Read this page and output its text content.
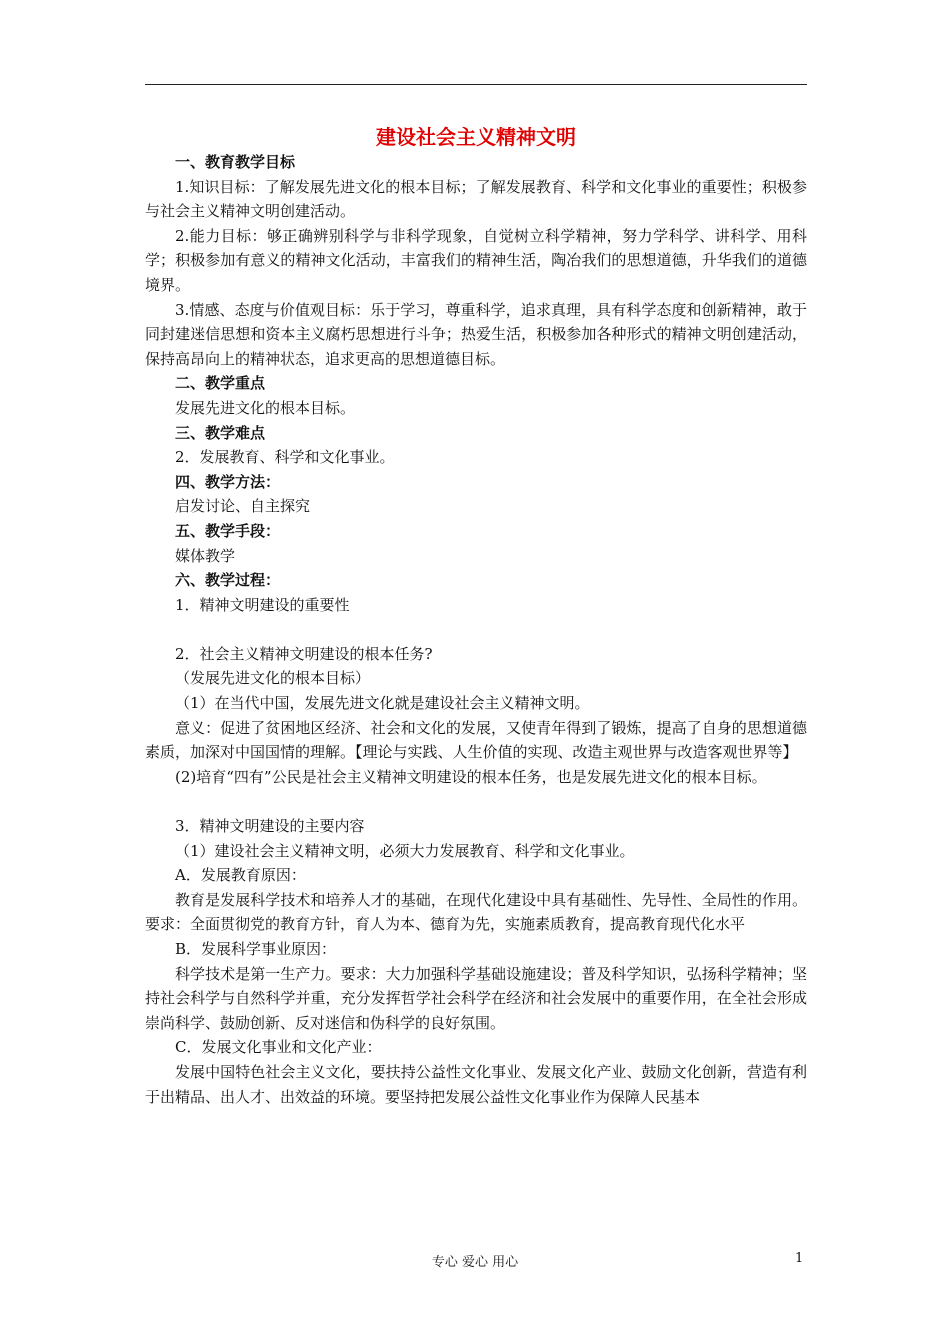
建设社会主义精神文明

一、教育教学目标

1.知识目标：了解发展先进文化的根本目标；了解发展教育、科学和文化事业的重要性；积极参与社会主义精神文明创建活动。

2.能力目标：够正确辨别科学与非科学现象，自觉树立科学精神，努力学科学、讲科学、用科学；积极参加有意义的精神文化活动，丰富我们的精神生活，陶冶我们的思想道德，升华我们的道德境界。

3.情感、态度与价值观目标：乐于学习，尊重科学，追求真理，具有科学态度和创新精神，敢于同封建迷信思想和资本主义腐朽思想进行斗争；热爱生活，积极参加各种形式的精神文明创建活动，保持高昂向上的精神状态，追求更高的思想道德目标。

二、教学重点

发展先进文化的根本目标。

三、教学难点

2．发展教育、科学和文化事业。

四、教学方法：

启发讨论、自主探究

五、教学手段：

媒体教学

六、教学过程：

1．精神文明建设的重要性

2．社会主义精神文明建设的根本任务?

（发展先进文化的根本目标）

（1）在当代中国，发展先进文化就是建设社会主义精神文明。

意义：促进了贫困地区经济、社会和文化的发展，又使青年得到了锻炼，提高了自身的思想道德素质，加深对中国国情的理解。【理论与实践、人生价值的实现、改造主观世界与改造客观世界等】

(2)培育“四有”公民是社会主义精神文明建设的根本任务，也是发展先进文化的根本目标。

3．精神文明建设的主要内容

（1）建设社会主义精神文明，必须大力发展教育、科学和文化事业。

A．发展教育原因：

教育是发展科学技术和培养人才的基础，在现代化建设中具有基础性、先导性、全局性的作用。要求：全面贯彻党的教育方针，育人为本、德育为先，实施素质教育，提高教育现代化水平

B．发展科学事业原因：

科学技术是第一生产力。要求：大力加强科学基础设施建设；普及科学知识，弘扬科学精神；坚持社会科学与自然科学并重，充分发挥哲学社会科学在经济和社会发展中的重要作用，在全社会形成崇尚科学、鼓励创新、反对迷信和伪科学的良好氛围。

C．发展文化事业和文化产业：

发展中国特色社会主义文化，要扶持公益性文化事业、发展文化产业、鼓励文化创新，营造有利于出精品、出人才、出效益的环境。要坚持把发展公益性文化事业作为保障人民基本

专心 爱心 用心	1
